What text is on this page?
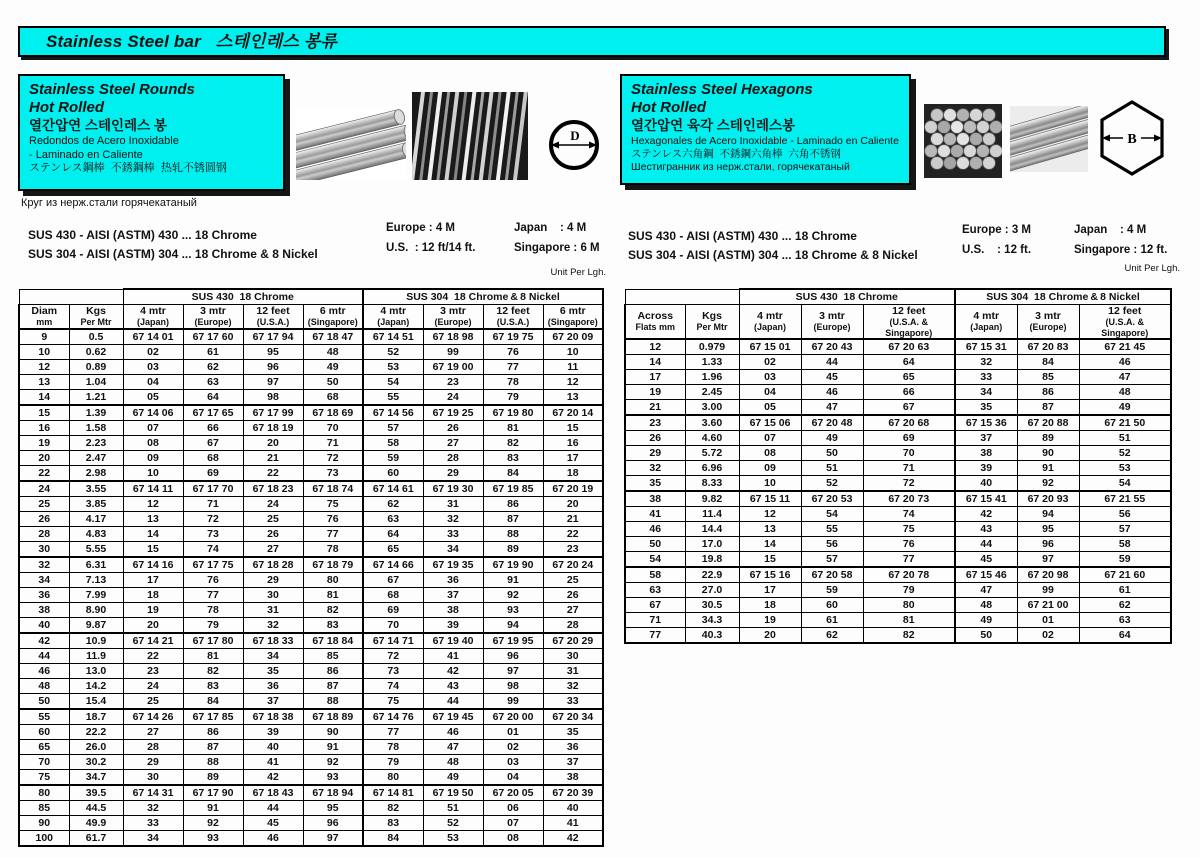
Stainless Steel bar   스테인레스 봉류
Stainless Steel Rounds
Hot Rolled
열간압연 스테인레스 봉
Redondos de Acero Inoxidable
- Laminado en Caliente
ステンレス鋼棒  不銹鋼棒  热轧不锈圆钢
Круг из нерж.стали горячекатаный
D
Stainless Steel Hexagons
Hot Rolled
열간압연 육각 스테인레스봉
Hexagonales de Acero Inoxidable - Laminado en Caliente
ステンレス六角鋼  不銹鋼六角棒  六角不锈钢
Шестигранник из нерж.стали, горячекатаный
B
SUS 430 - AISI (ASTM) 430 ... 18 Chrome
SUS 304 - AISI (ASTM) 304 ... 18 Chrome & 8 Nickel
SUS 430 - AISI (ASTM) 430 ... 18 Chrome
SUS 304 - AISI (ASTM) 304 ... 18 Chrome & 8 Nickel
Europe : 4 M	Japan    : 4 M
U.S.  : 12 ft/14 ft.	Singapore : 6 M
Unit Per Lgh.
Europe : 3 M	Japan    : 4 M
U.S.    : 12 ft.	Singapore : 12 ft.
Unit Per Lgh.
		SUS 430  18 Chrome				SUS 304  18 Chrome & 8 Nickel			

Diam
mm

Kgs
Per Mtr

4 mtr
(Japan)

3 mtr
(Europe)

12 feet
(U.S.A.)

6 mtr
(Singapore)

4 mtr
(Japan)

3 mtr
(Europe)

12 feet
(U.S.A.)

6 mtr
(Singapore)

9	0.5	67 14 01	67 17 60	67 17 94	67 18 47	67 14 51	67 18 98	67 19 75	67 20 09
10	0.62	02	61	95	48	52	99	76	10
12	0.89	03	62	96	49	53	67 19 00	77	11
13	1.04	04	63	97	50	54	23	78	12
14	1.21	05	64	98	68	55	24	79	13
15	1.39	67 14 06	67 17 65	67 17 99	67 18 69	67 14 56	67 19 25	67 19 80	67 20 14
16	1.58	07	66	67 18 19	70	57	26	81	15
19	2.23	08	67	20	71	58	27	82	16
20	2.47	09	68	21	72	59	28	83	17
22	2.98	10	69	22	73	60	29	84	18
24	3.55	67 14 11	67 17 70	67 18 23	67 18 74	67 14 61	67 19 30	67 19 85	67 20 19
25	3.85	12	71	24	75	62	31	86	20
26	4.17	13	72	25	76	63	32	87	21
28	4.83	14	73	26	77	64	33	88	22
30	5.55	15	74	27	78	65	34	89	23
32	6.31	67 14 16	67 17 75	67 18 28	67 18 79	67 14 66	67 19 35	67 19 90	67 20 24
34	7.13	17	76	29	80	67	36	91	25
36	7.99	18	77	30	81	68	37	92	26
38	8.90	19	78	31	82	69	38	93	27
40	9.87	20	79	32	83	70	39	94	28
42	10.9	67 14 21	67 17 80	67 18 33	67 18 84	67 14 71	67 19 40	67 19 95	67 20 29
44	11.9	22	81	34	85	72	41	96	30
46	13.0	23	82	35	86	73	42	97	31
48	14.2	24	83	36	87	74	43	98	32
50	15.4	25	84	37	88	75	44	99	33
55	18.7	67 14 26	67 17 85	67 18 38	67 18 89	67 14 76	67 19 45	67 20 00	67 20 34
60	22.2	27	86	39	90	77	46	01	35
65	26.0	28	87	40	91	78	47	02	36
70	30.2	29	88	41	92	79	48	03	37
75	34.7	30	89	42	93	80	49	04	38
80	39.5	67 14 31	67 17 90	67 18 43	67 18 94	67 14 81	67 19 50	67 20 05	67 20 39
85	44.5	32	91	44	95	82	51	06	40
90	49.9	33	92	45	96	83	52	07	41
100	61.7	34	93	46	97	84	53	08	42
		SUS 430  18 Chrome			SUS 304  18 Chrome & 8 Nickel		

Across
Flats mm

Kgs
Per Mtr

4 mtr
(Japan)

3 mtr
(Europe)

12 feet
(U.S.A. &
Singapore)

4 mtr
(Japan)

3 mtr
(Europe)

12 feet
(U.S.A. &
Singapore)

12	0.979	67 15 01	67 20 43	67 20 63	67 15 31	67 20 83	67 21 45
14	1.33	02	44	64	32	84	46
17	1.96	03	45	65	33	85	47
19	2.45	04	46	66	34	86	48
21	3.00	05	47	67	35	87	49
23	3.60	67 15 06	67 20 48	67 20 68	67 15 36	67 20 88	67 21 50
26	4.60	07	49	69	37	89	51
29	5.72	08	50	70	38	90	52
32	6.96	09	51	71	39	91	53
35	8.33	10	52	72	40	92	54
38	9.82	67 15 11	67 20 53	67 20 73	67 15 41	67 20 93	67 21 55
41	11.4	12	54	74	42	94	56
46	14.4	13	55	75	43	95	57
50	17.0	14	56	76	44	96	58
54	19.8	15	57	77	45	97	59
58	22.9	67 15 16	67 20 58	67 20 78	67 15 46	67 20 98	67 21 60
63	27.0	17	59	79	47	99	61
67	30.5	18	60	80	48	67 21 00	62
71	34.3	19	61	81	49	01	63
77	40.3	20	62	82	50	02	64
